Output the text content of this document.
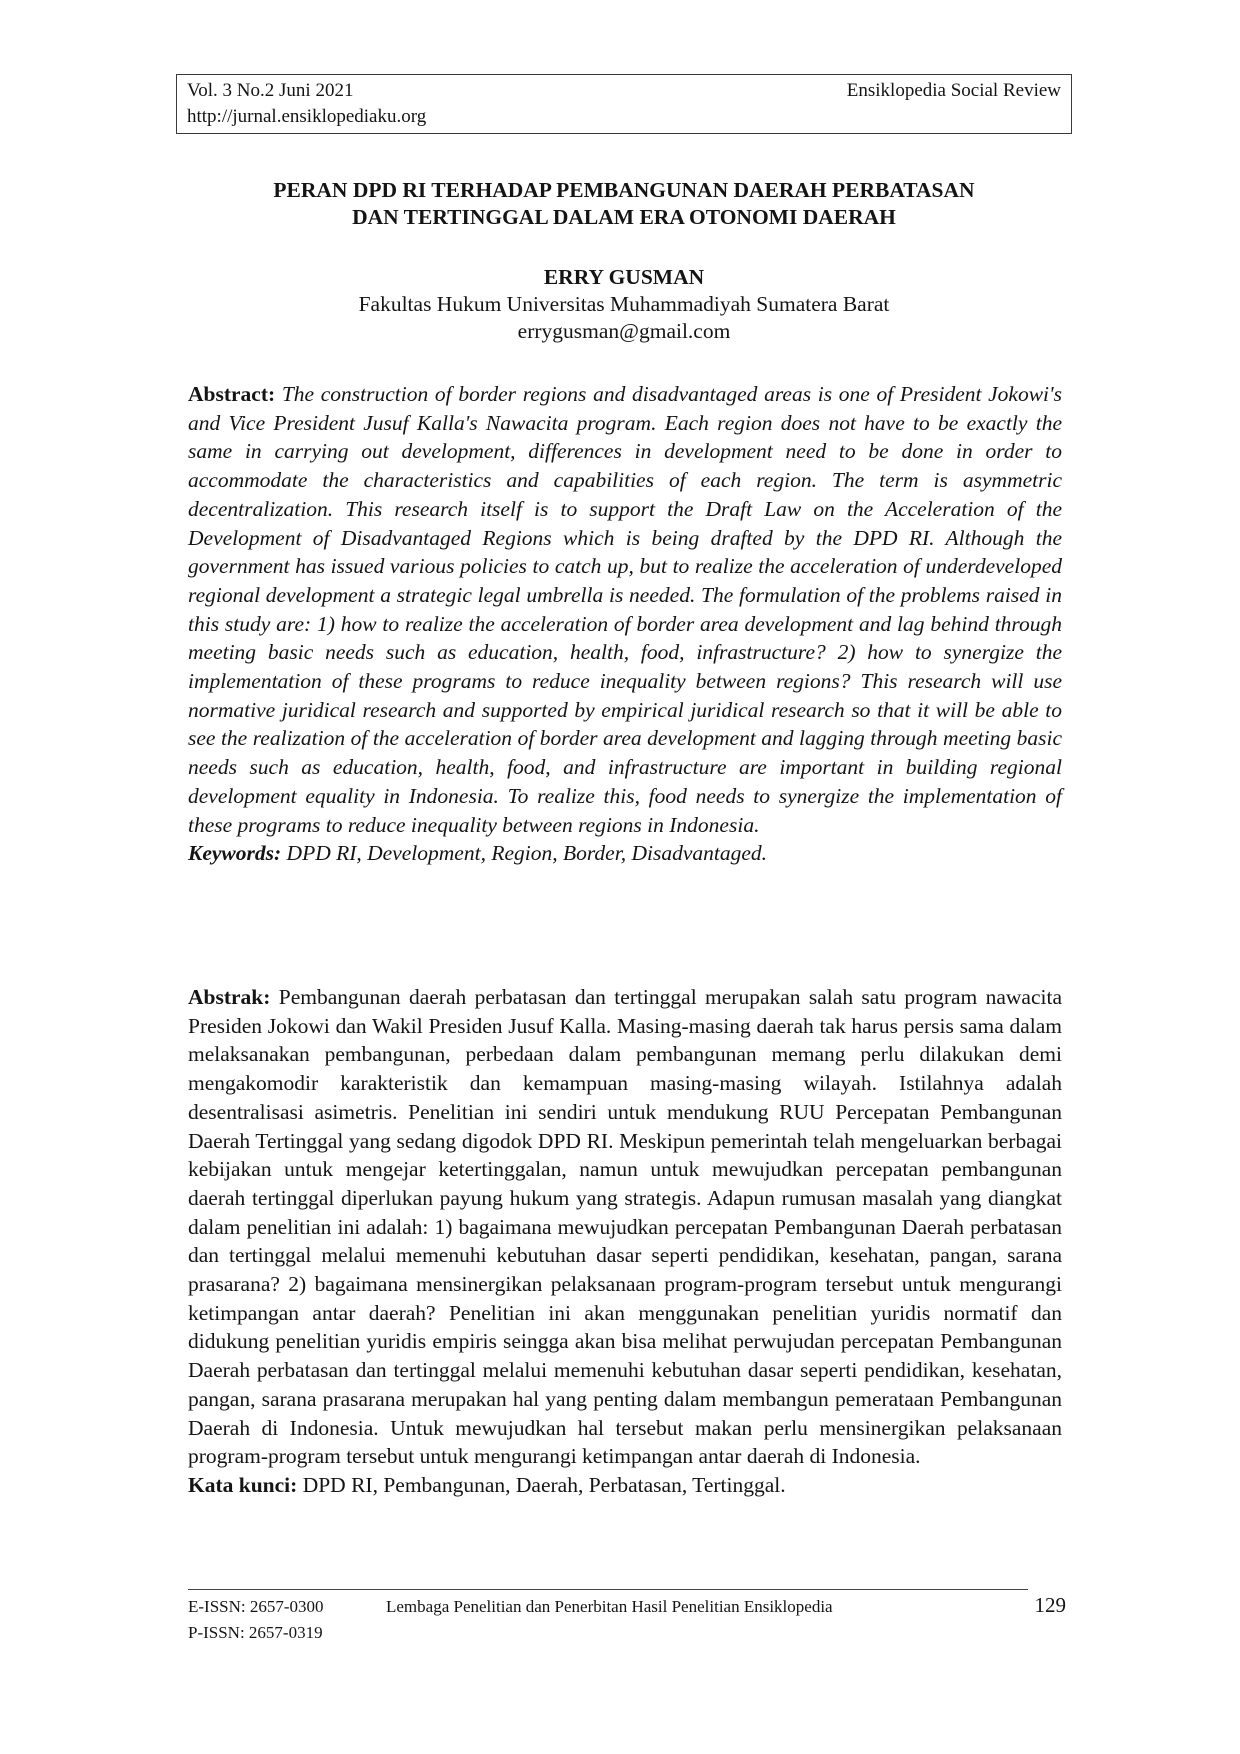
Vol. 3 No.2 Juni 2021	Ensiklopedia Social Review
http://jurnal.ensiklopediaku.org
PERAN DPD RI TERHADAP PEMBANGUNAN DAERAH PERBATASAN
DAN TERTINGGAL DALAM ERA OTONOMI DAERAH
ERRY GUSMAN
Fakultas Hukum Universitas Muhammadiyah Sumatera Barat
errygusman@gmail.com
Abstract: The construction of border regions and disadvantaged areas is one of President Jokowi's and Vice President Jusuf Kalla's Nawacita program. Each region does not have to be exactly the same in carrying out development, differences in development need to be done in order to accommodate the characteristics and capabilities of each region. The term is asymmetric decentralization. This research itself is to support the Draft Law on the Acceleration of the Development of Disadvantaged Regions which is being drafted by the DPD RI. Although the government has issued various policies to catch up, but to realize the acceleration of underdeveloped regional development a strategic legal umbrella is needed. The formulation of the problems raised in this study are: 1) how to realize the acceleration of border area development and lag behind through meeting basic needs such as education, health, food, infrastructure? 2) how to synergize the implementation of these programs to reduce inequality between regions? This research will use normative juridical research and supported by empirical juridical research so that it will be able to see the realization of the acceleration of border area development and lagging through meeting basic needs such as education, health, food, and infrastructure are important in building regional development equality in Indonesia. To realize this, food needs to synergize the implementation of these programs to reduce inequality between regions in Indonesia.
Keywords: DPD RI, Development, Region, Border, Disadvantaged.
Abstrak: Pembangunan daerah perbatasan dan tertinggal merupakan salah satu program nawacita Presiden Jokowi dan Wakil Presiden Jusuf Kalla. Masing-masing daerah tak harus persis sama dalam melaksanakan pembangunan, perbedaan dalam pembangunan memang perlu dilakukan demi mengakomodir karakteristik dan kemampuan masing-masing wilayah. Istilahnya adalah desentralisasi asimetris. Penelitian ini sendiri untuk mendukung RUU Percepatan Pembangunan Daerah Tertinggal yang sedang digodok DPD RI. Meskipun pemerintah telah mengeluarkan berbagai kebijakan untuk mengejar ketertinggalan, namun untuk mewujudkan percepatan pembangunan daerah tertinggal diperlukan payung hukum yang strategis. Adapun rumusan masalah yang diangkat dalam penelitian ini adalah: 1) bagaimana mewujudkan percepatan Pembangunan Daerah perbatasan dan tertinggal melalui memenuhi kebutuhan dasar seperti pendidikan, kesehatan, pangan, sarana prasarana? 2) bagaimana mensinergikan pelaksanaan program-program tersebut untuk mengurangi ketimpangan antar daerah? Penelitian ini akan menggunakan penelitian yuridis normatif dan didukung penelitian yuridis empiris seingga akan bisa melihat perwujudan percepatan Pembangunan Daerah perbatasan dan tertinggal melalui memenuhi kebutuhan dasar seperti pendidikan, kesehatan, pangan, sarana prasarana merupakan hal yang penting dalam membangun pemerataan Pembangunan Daerah di Indonesia. Untuk mewujudkan hal tersebut makan perlu mensinergikan pelaksanaan program-program tersebut untuk mengurangi ketimpangan antar daerah di Indonesia.
Kata kunci: DPD RI, Pembangunan, Daerah, Perbatasan, Tertinggal.
E-ISSN: 2657-0300	Lembaga Penelitian dan Penerbitan Hasil Penelitian Ensiklopedia	129
P-ISSN: 2657-0319
